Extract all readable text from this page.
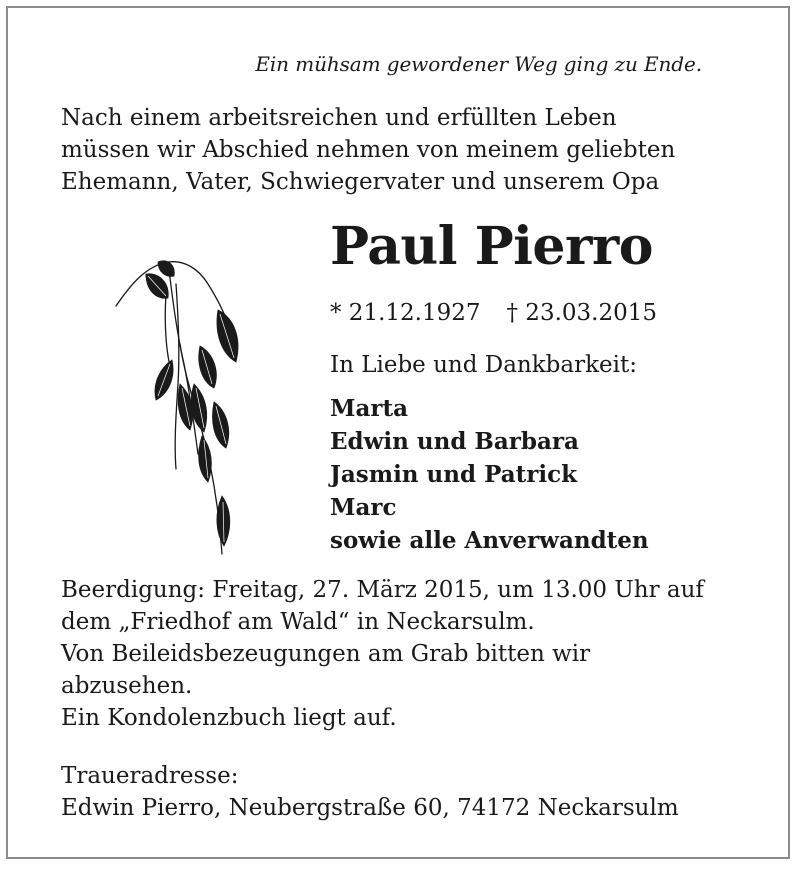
Ein mühsam gewordener Weg ging zu Ende.
Nach einem arbeitsreichen und erfüllten Leben
müssen wir Abschied nehmen von meinem geliebten
Ehemann, Vater, Schwiegervater und unserem Opa
Paul Pierro
* 21.12.1927 † 23.03.2015
In Liebe und Dankbarkeit:
Marta
Edwin und Barbara
Jasmin und Patrick
Marc
sowie alle Anverwandten
Beerdigung: Freitag, 27. März 2015, um 13.00 Uhr auf
dem „Friedhof am Wald“ in Neckarsulm.
Von Beileidsbezeugungen am Grab bitten wir
abzusehen.
Ein Kondolenzbuch liegt auf.
Traueradresse:
Edwin Pierro, Neubergstraße 60, 74172 Neckarsulm
